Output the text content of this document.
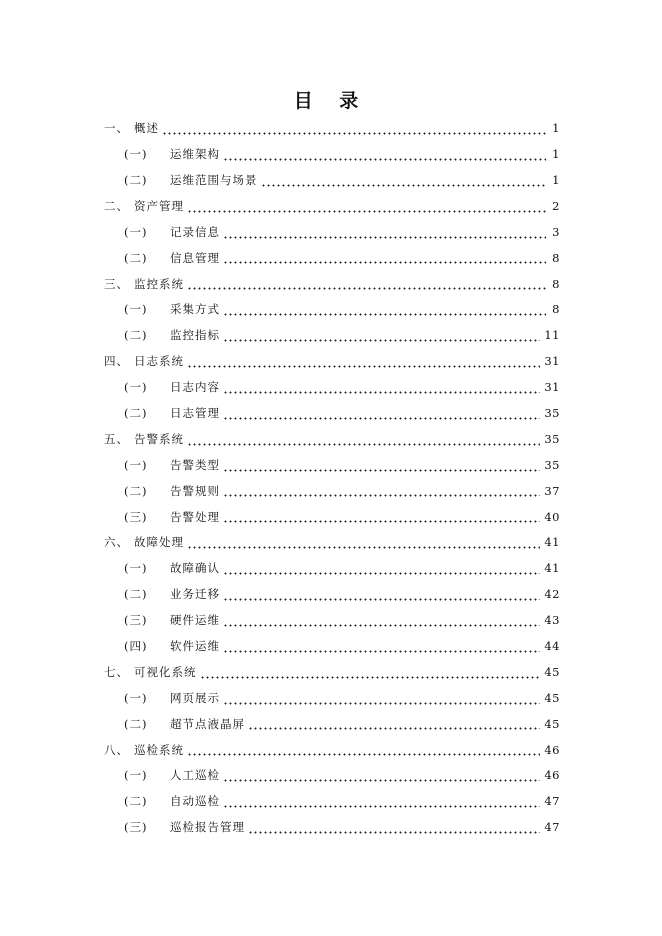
目 录
一、 概述	1
(一)	运维架构	1
(二)	运维范围与场景	1
二、 资产管理	2
(一)	记录信息	3
(二)	信息管理	8
三、 监控系统	8
(一)	采集方式	8
(二)	监控指标	11
四、 日志系统	31
(一)	日志内容	31
(二)	日志管理	35
五、 告警系统	35
(一)	告警类型	35
(二)	告警规则	37
(三)	告警处理	40
六、 故障处理	41
(一)	故障确认	41
(二)	业务迁移	42
(三)	硬件运维	43
(四)	软件运维	44
七、 可视化系统	45
(一)	网页展示	45
(二)	超节点液晶屏	45
八、 巡检系统	46
(一)	人工巡检	46
(二)	自动巡检	47
(三)	巡检报告管理	47
